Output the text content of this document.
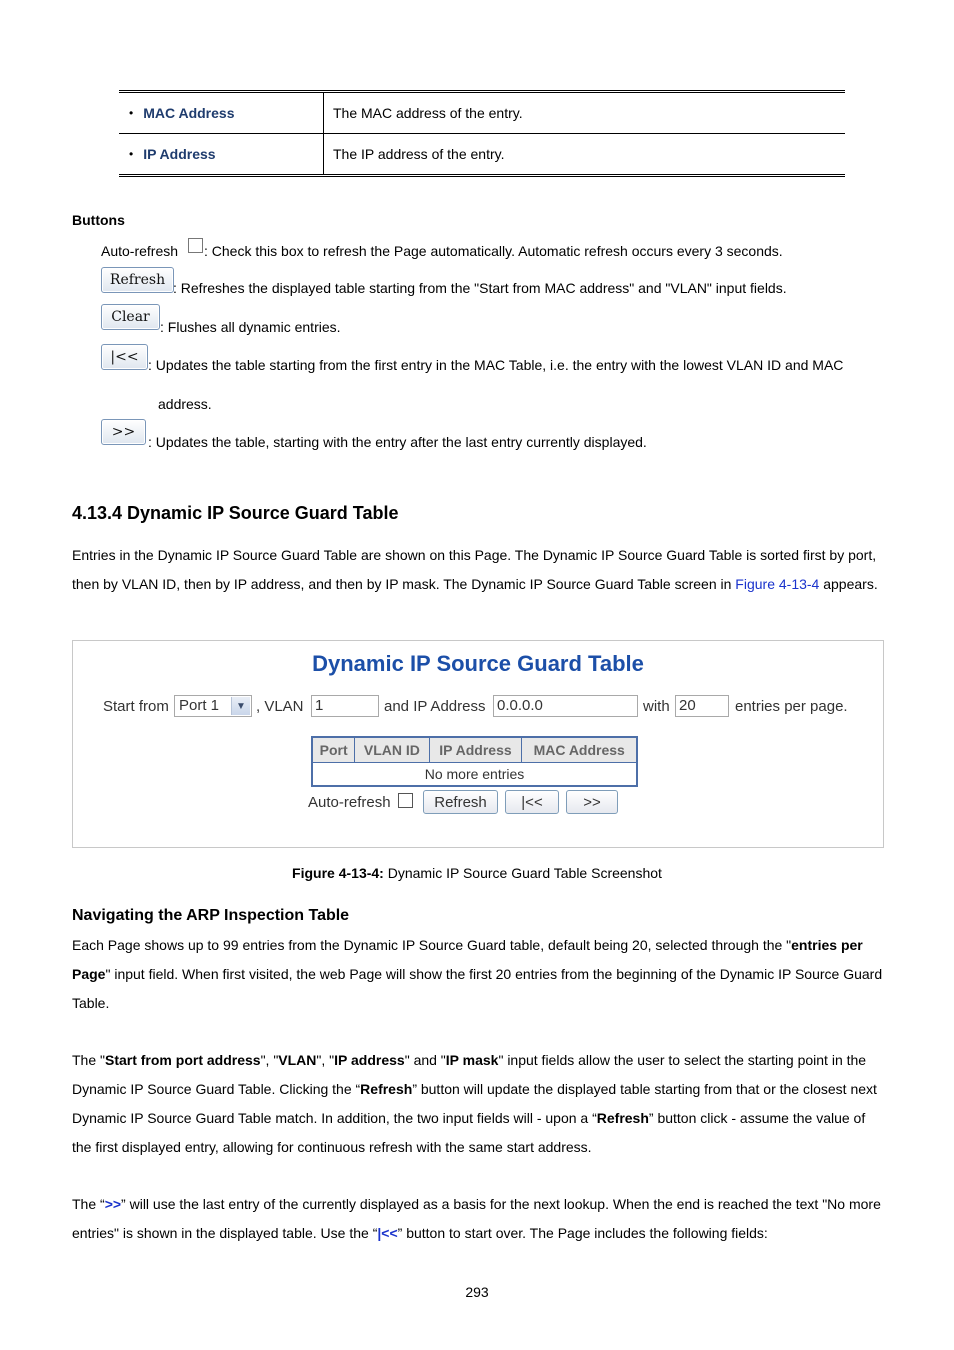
• MAC Address	The MAC address of the entry.
• IP Address	The IP address of the entry.
Buttons
Auto-refresh : Check this box to refresh the Page automatically. Automatic refresh occurs every 3 seconds.
Refresh : Refreshes the displayed table starting from the "Start from MAC address" and "VLAN" input fields.
Clear
: Flushes all dynamic entries.
|<< : Updates the table starting from the first entry in the MAC Table, i.e. the entry with the lowest VLAN ID and MAC
address.
>>
: Updates the table, starting with the entry after the last entry currently displayed.
4.13.4 Dynamic IP Source Guard Table

Entries in the Dynamic IP Source Guard Table are shown on this Page. The Dynamic IP Source Guard Table is sorted first by port, then by VLAN ID, then by IP address, and then by IP mask. The Dynamic IP Source Guard Table screen in Figure 4-13-4 appears.

Dynamic IP Source Guard Table
Start from Port 1	▼ , VLAN 1	and IP Address 0.0.0.0	with 20	entries per page.
Port	VLAN ID	IP Address	MAC Address
No more entries
Auto-refresh	Refresh	|<<	>>
Figure 4-13-4: Dynamic IP Source Guard Table Screenshot
Navigating the ARP Inspection Table

Each Page shows up to 99 entries from the Dynamic IP Source Guard table, default being 20, selected through the "entries per Page" input field. When first visited, the web Page will show the first 20 entries from the beginning of the Dynamic IP Source Guard Table.

The "Start from port address", "VLAN", "IP address" and "IP mask" input fields allow the user to select the starting point in the Dynamic IP Source Guard Table. Clicking the “Refresh” button will update the displayed table starting from that or the closest next Dynamic IP Source Guard Table match. In addition, the two input fields will - upon a “Refresh” button click - assume the value of the first displayed entry, allowing for continuous refresh with the same start address.

The “>>” will use the last entry of the currently displayed as a basis for the next lookup. When the end is reached the text "No more entries" is shown in the displayed table. Use the “|<<” button to start over. The Page includes the following fields:

293
